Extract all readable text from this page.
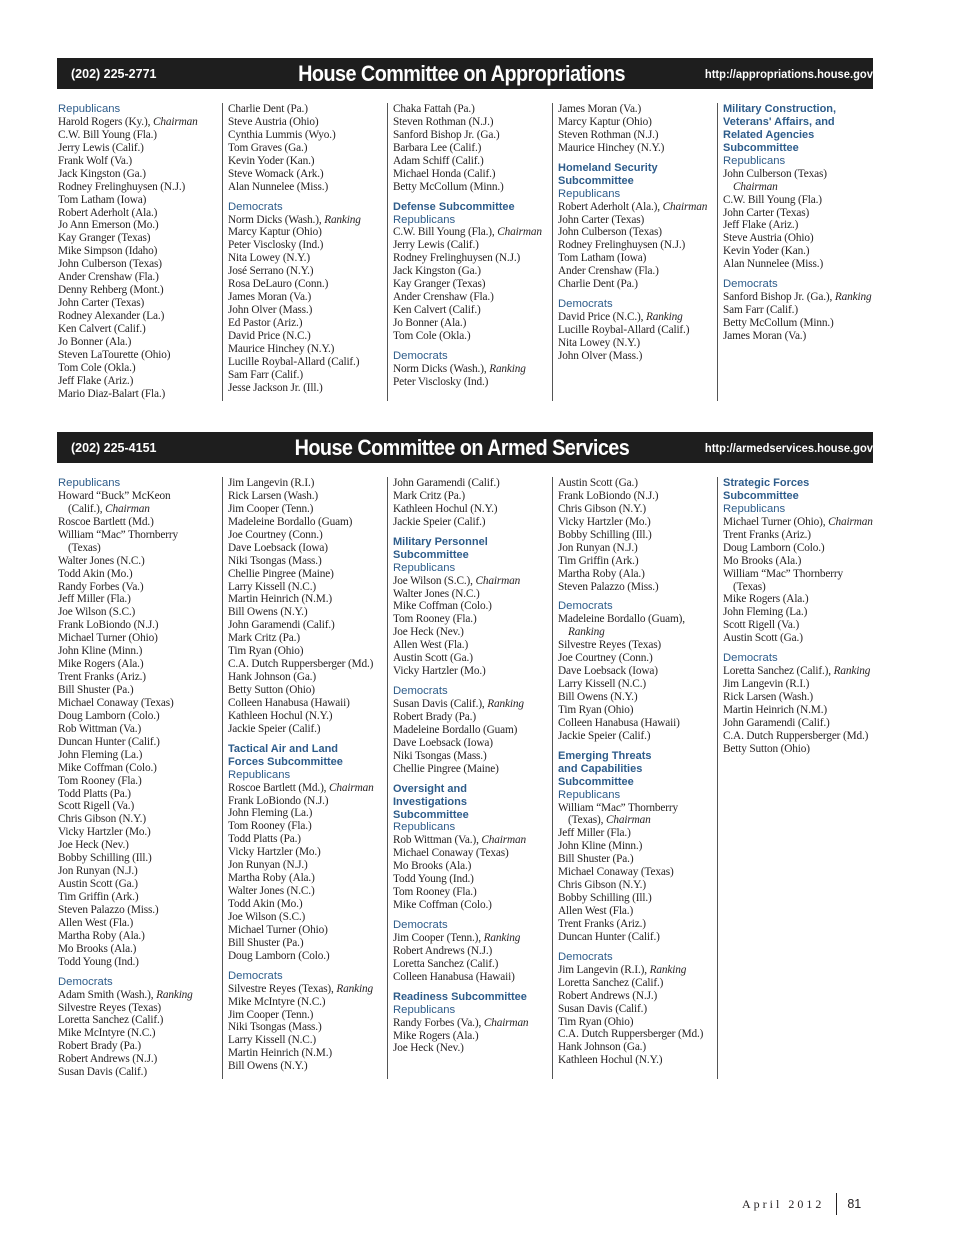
(202) 225-2771	House Committee on Appropriations	http://appropriations.house.gov
Republicans
Harold Rogers (Ky.), Chairman
C.W. Bill Young (Fla.)
Jerry Lewis (Calif.)
Frank Wolf (Va.)
Jack Kingston (Ga.)
Rodney Frelinghuysen (N.J.)
Tom Latham (Iowa)
Robert Aderholt (Ala.)
Jo Ann Emerson (Mo.)
Kay Granger (Texas)
Mike Simpson (Idaho)
John Culberson (Texas)
Ander Crenshaw (Fla.)
Denny Rehberg (Mont.)
John Carter (Texas)
Rodney Alexander (La.)
Ken Calvert (Calif.)
Jo Bonner (Ala.)
Steven LaTourette (Ohio)
Tom Cole (Okla.)
Jeff Flake (Ariz.)
Mario Diaz-Balart (Fla.)
Charlie Dent (Pa.)
Steve Austria (Ohio)
Cynthia Lummis (Wyo.)
Tom Graves (Ga.)
Kevin Yoder (Kan.)
Steve Womack (Ark.)
Alan Nunnelee (Miss.)
Democrats
Norm Dicks (Wash.), Ranking
Marcy Kaptur (Ohio)
Peter Visclosky (Ind.)
Nita Lowey (N.Y.)
José Serrano (N.Y.)
Rosa DeLauro (Conn.)
James Moran (Va.)
John Olver (Mass.)
Ed Pastor (Ariz.)
David Price (N.C.)
Maurice Hinchey (N.Y.)
Lucille Roybal-Allard (Calif.)
Sam Farr (Calif.)
Jesse Jackson Jr. (Ill.)
Chaka Fattah (Pa.)
Steven Rothman (N.J.)
Sanford Bishop Jr. (Ga.)
Barbara Lee (Calif.)
Adam Schiff (Calif.)
Michael Honda (Calif.)
Betty McCollum (Minn.)
Defense Subcommittee
Republicans
C.W. Bill Young (Fla.), Chairman
Jerry Lewis (Calif.)
Rodney Frelinghuysen (N.J.)
Jack Kingston (Ga.)
Kay Granger (Texas)
Ander Crenshaw (Fla.)
Ken Calvert (Calif.)
Jo Bonner (Ala.)
Tom Cole (Okla.)
Democrats
Norm Dicks (Wash.), Ranking
Peter Visclosky (Ind.)
James Moran (Va.)
Marcy Kaptur (Ohio)
Steven Rothman (N.J.)
Maurice Hinchey (N.Y.)
Homeland Security
Subcommittee
Republicans
Robert Aderholt (Ala.), Chairman
John Carter (Texas)
John Culberson (Texas)
Rodney Frelinghuysen (N.J.)
Tom Latham (Iowa)
Ander Crenshaw (Fla.)
Charlie Dent (Pa.)
Democrats
David Price (N.C.), Ranking
Lucille Roybal-Allard (Calif.)
Nita Lowey (N.Y.)
John Olver (Mass.)
Military Construction,
Veterans' Affairs, and
Related Agencies
Subcommittee
Republicans
John Culberson (Texas)
Chairman
C.W. Bill Young (Fla.)
John Carter (Texas)
Jeff Flake (Ariz.)
Steve Austria (Ohio)
Kevin Yoder (Kan.)
Alan Nunnelee (Miss.)
Democrats
Sanford Bishop Jr. (Ga.), Ranking
Sam Farr (Calif.)
Betty McCollum (Minn.)
James Moran (Va.)
(202) 225-4151	House Committee on Armed Services	http://armedservices.house.gov
Republicans
Howard “Buck” McKeon
(Calif.), Chairman
Roscoe Bartlett (Md.)
William “Mac” Thornberry
(Texas)
Walter Jones (N.C.)
Todd Akin (Mo.)
Randy Forbes (Va.)
Jeff Miller (Fla.)
Joe Wilson (S.C.)
Frank LoBiondo (N.J.)
Michael Turner (Ohio)
John Kline (Minn.)
Mike Rogers (Ala.)
Trent Franks (Ariz.)
Bill Shuster (Pa.)
Michael Conaway (Texas)
Doug Lamborn (Colo.)
Rob Wittman (Va.)
Duncan Hunter (Calif.)
John Fleming (La.)
Mike Coffman (Colo.)
Tom Rooney (Fla.)
Todd Platts (Pa.)
Scott Rigell (Va.)
Chris Gibson (N.Y.)
Vicky Hartzler (Mo.)
Joe Heck (Nev.)
Bobby Schilling (Ill.)
Jon Runyan (N.J.)
Austin Scott (Ga.)
Tim Griffin (Ark.)
Steven Palazzo (Miss.)
Allen West (Fla.)
Martha Roby (Ala.)
Mo Brooks (Ala.)
Todd Young (Ind.)
Democrats
Adam Smith (Wash.), Ranking
Silvestre Reyes (Texas)
Loretta Sanchez (Calif.)
Mike McIntyre (N.C.)
Robert Brady (Pa.)
Robert Andrews (N.J.)
Susan Davis (Calif.)
Jim Langevin (R.I.)
Rick Larsen (Wash.)
Jim Cooper (Tenn.)
Madeleine Bordallo (Guam)
Joe Courtney (Conn.)
Dave Loebsack (Iowa)
Niki Tsongas (Mass.)
Chellie Pingree (Maine)
Larry Kissell (N.C.)
Martin Heinrich (N.M.)
Bill Owens (N.Y.)
John Garamendi (Calif.)
Mark Critz (Pa.)
Tim Ryan (Ohio)
C.A. Dutch Ruppersberger (Md.)
Hank Johnson (Ga.)
Betty Sutton (Ohio)
Colleen Hanabusa (Hawaii)
Kathleen Hochul (N.Y.)
Jackie Speier (Calif.)
Tactical Air and Land
Forces Subcommittee
Republicans
Roscoe Bartlett (Md.), Chairman
Frank LoBiondo (N.J.)
John Fleming (La.)
Tom Rooney (Fla.)
Todd Platts (Pa.)
Vicky Hartzler (Mo.)
Jon Runyan (N.J.)
Martha Roby (Ala.)
Walter Jones (N.C.)
Todd Akin (Mo.)
Joe Wilson (S.C.)
Michael Turner (Ohio)
Bill Shuster (Pa.)
Doug Lamborn (Colo.)
Democrats
Silvestre Reyes (Texas), Ranking
Mike McIntyre (N.C.)
Jim Cooper (Tenn.)
Niki Tsongas (Mass.)
Larry Kissell (N.C.)
Martin Heinrich (N.M.)
Bill Owens (N.Y.)
John Garamendi (Calif.)
Mark Critz (Pa.)
Kathleen Hochul (N.Y.)
Jackie Speier (Calif.)
Military Personnel
Subcommittee
Republicans
Joe Wilson (S.C.), Chairman
Walter Jones (N.C.)
Mike Coffman (Colo.)
Tom Rooney (Fla.)
Joe Heck (Nev.)
Allen West (Fla.)
Austin Scott (Ga.)
Vicky Hartzler (Mo.)
Democrats
Susan Davis (Calif.), Ranking
Robert Brady (Pa.)
Madeleine Bordallo (Guam)
Dave Loebsack (Iowa)
Niki Tsongas (Mass.)
Chellie Pingree (Maine)
Oversight and
Investigations
Subcommittee
Republicans
Rob Wittman (Va.), Chairman
Michael Conaway (Texas)
Mo Brooks (Ala.)
Todd Young (Ind.)
Tom Rooney (Fla.)
Mike Coffman (Colo.)
Democrats
Jim Cooper (Tenn.), Ranking
Robert Andrews (N.J.)
Loretta Sanchez (Calif.)
Colleen Hanabusa (Hawaii)
Readiness Subcommittee
Republicans
Randy Forbes (Va.), Chairman
Mike Rogers (Ala.)
Joe Heck (Nev.)
Austin Scott (Ga.)
Frank LoBiondo (N.J.)
Chris Gibson (N.Y.)
Vicky Hartzler (Mo.)
Bobby Schilling (Ill.)
Jon Runyan (N.J.)
Tim Griffin (Ark.)
Martha Roby (Ala.)
Steven Palazzo (Miss.)
Democrats
Madeleine Bordallo (Guam),
Ranking
Silvestre Reyes (Texas)
Joe Courtney (Conn.)
Dave Loebsack (Iowa)
Larry Kissell (N.C.)
Bill Owens (N.Y.)
Tim Ryan (Ohio)
Colleen Hanabusa (Hawaii)
Jackie Speier (Calif.)
Emerging Threats
and Capabilities
Subcommittee
Republicans
William “Mac” Thornberry
(Texas), Chairman
Jeff Miller (Fla.)
John Kline (Minn.)
Bill Shuster (Pa.)
Michael Conaway (Texas)
Chris Gibson (N.Y.)
Bobby Schilling (Ill.)
Allen West (Fla.)
Trent Franks (Ariz.)
Duncan Hunter (Calif.)
Democrats
Jim Langevin (R.I.), Ranking
Loretta Sanchez (Calif.)
Robert Andrews (N.J.)
Susan Davis (Calif.)
Tim Ryan (Ohio)
C.A. Dutch Ruppersberger (Md.)
Hank Johnson (Ga.)
Kathleen Hochul (N.Y.)
Strategic Forces
Subcommittee
Republicans
Michael Turner (Ohio), Chairman
Trent Franks (Ariz.)
Doug Lamborn (Colo.)
Mo Brooks (Ala.)
William “Mac” Thornberry
(Texas)
Mike Rogers (Ala.)
John Fleming (La.)
Scott Rigell (Va.)
Austin Scott (Ga.)
Democrats
Loretta Sanchez (Calif.), Ranking
Jim Langevin (R.I.)
Rick Larsen (Wash.)
Martin Heinrich (N.M.)
John Garamendi (Calif.)
C.A. Dutch Ruppersberger (Md.)
Betty Sutton (Ohio)
April 2012 81
